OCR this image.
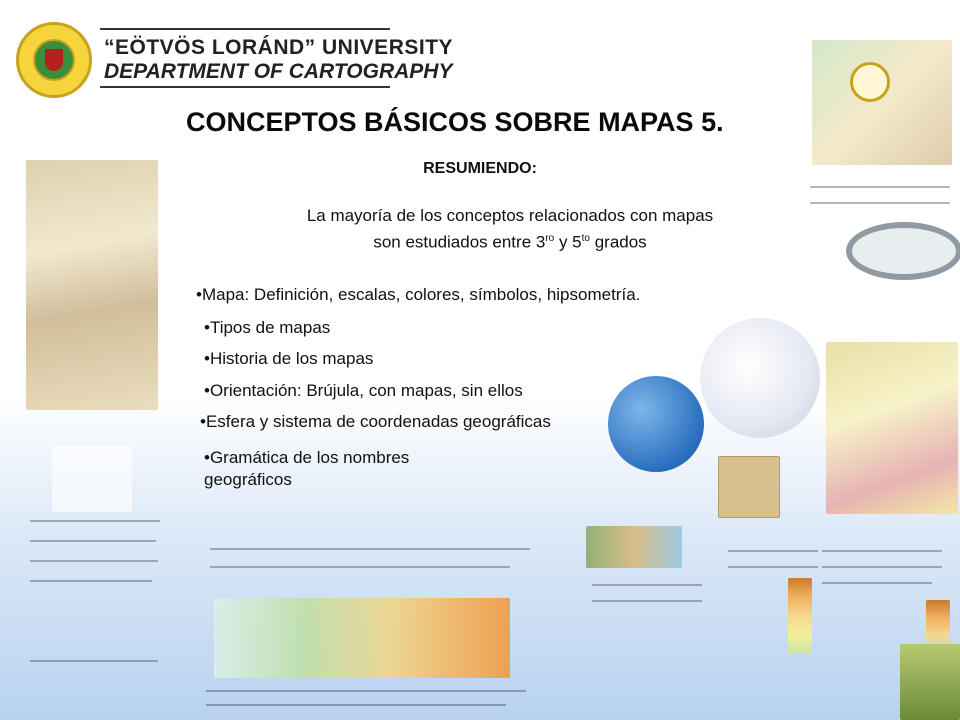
“EÖTVÖS LORÁND” UNIVERSITY
DEPARTMENT OF CARTOGRAPHY
CONCEPTOS BÁSICOS SOBRE MAPAS 5.
RESUMIENDO:
La mayoría de los conceptos relacionados con mapas
son estudiados entre $3^{ro}$ y $5^{to}$ grados
•Mapa: Definición, escalas, colores, símbolos, hipsometría.
•Tipos de mapas
•Historia de los mapas
•Orientación: Brújula, con mapas, sin ellos
•Esfera y sistema de coordenadas geográficas
•Gramática de los nombres geográficos
